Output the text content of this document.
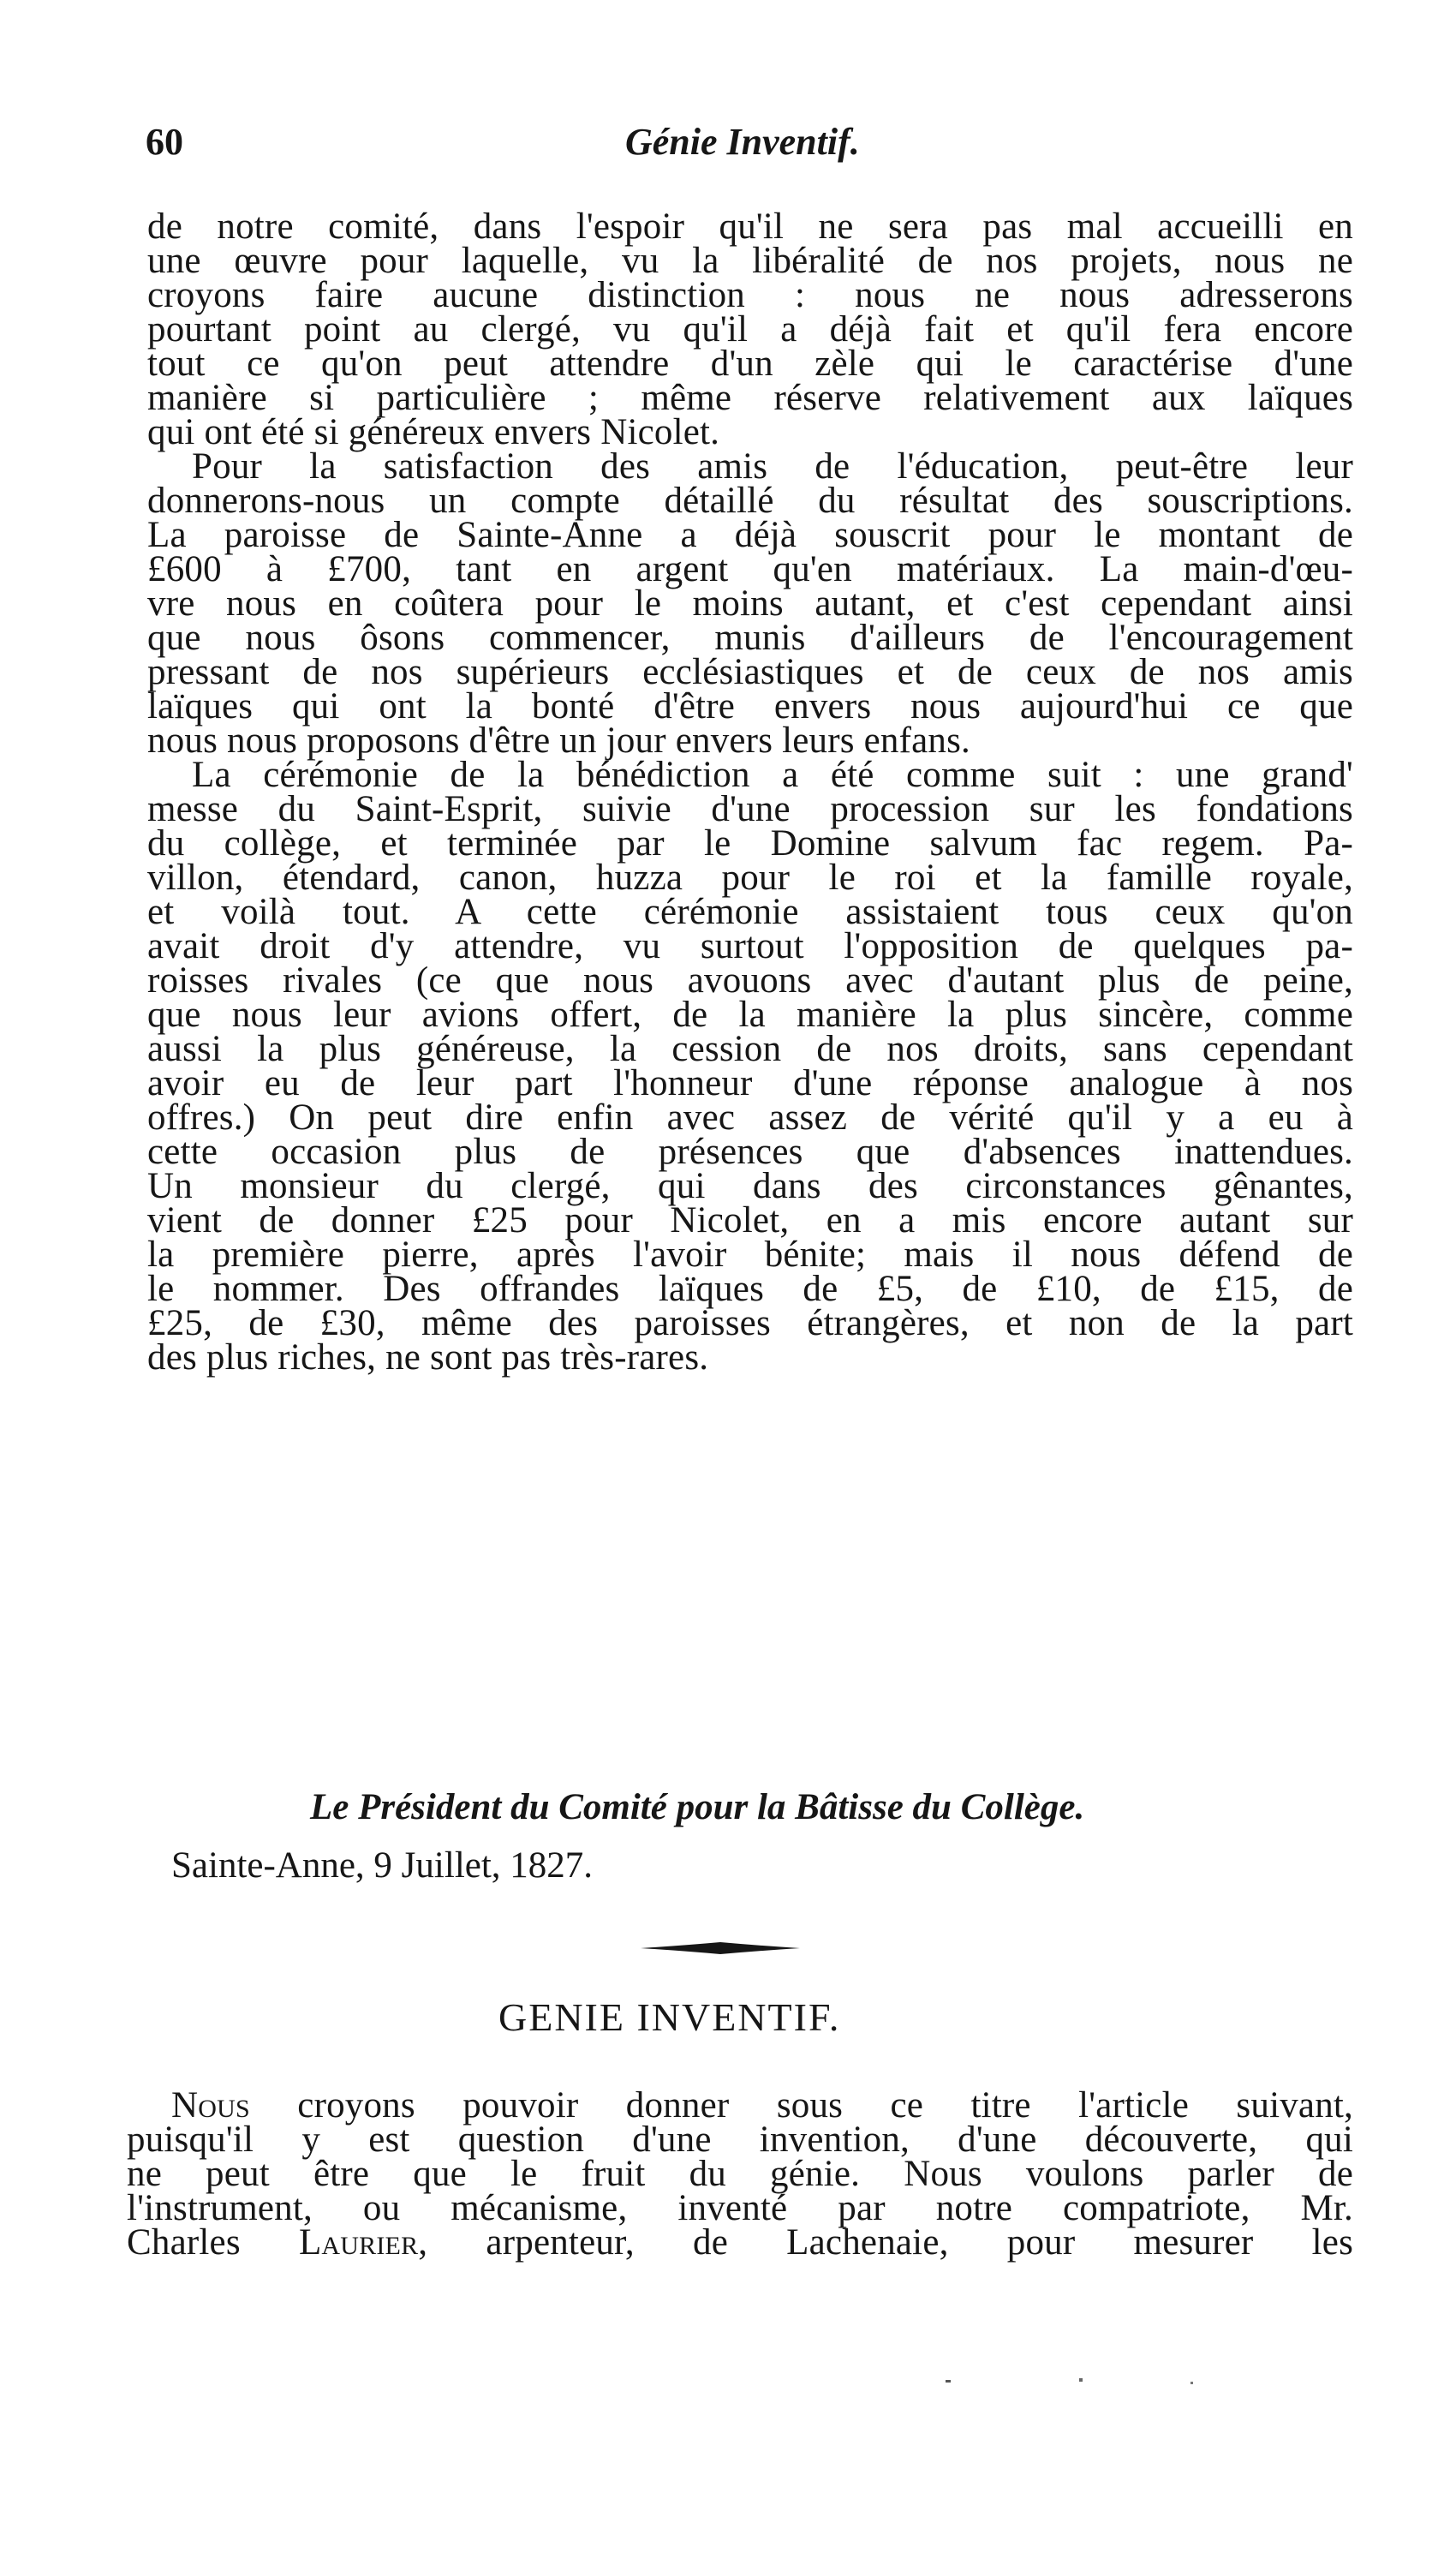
60	Génie Inventif.
de notre comité, dans l'espoir qu'il ne sera pas mal accueilli en
une œuvre pour laquelle, vu la libéralité de nos projets, nous ne
croyons faire aucune distinction : nous ne nous adresserons
pourtant point au clergé, vu qu'il a déjà fait et qu'il fera encore
tout ce qu'on peut attendre d'un zèle qui le caractérise d'une
manière si particulière ; même réserve relativement aux laïques
qui ont été si généreux envers Nicolet.
Pour la satisfaction des amis de l'éducation, peut-être leur
donnerons-nous un compte détaillé du résultat des souscriptions.
La paroisse de Sainte-Anne a déjà souscrit pour le montant de
£600 à £700, tant en argent qu'en matériaux. La main-d'œu-
vre nous en coûtera pour le moins autant, et c'est cependant ainsi
que nous ôsons commencer, munis d'ailleurs de l'encouragement
pressant de nos supérieurs ecclésiastiques et de ceux de nos amis
laïques qui ont la bonté d'être envers nous aujourd'hui ce que
nous nous proposons d'être un jour envers leurs enfans.
La cérémonie de la bénédiction a été comme suit : une grand'
messe du Saint-Esprit, suivie d'une procession sur les fondations
du collège, et terminée par le Domine salvum fac regem. Pa-
villon, étendard, canon, huzza pour le roi et la famille royale,
et voilà tout. A cette cérémonie assistaient tous ceux qu'on
avait droit d'y attendre, vu surtout l'opposition de quelques pa-
roisses rivales (ce que nous avouons avec d'autant plus de peine,
que nous leur avions offert, de la manière la plus sincère, comme
aussi la plus généreuse, la cession de nos droits, sans cependant
avoir eu de leur part l'honneur d'une réponse analogue à nos
offres.) On peut dire enfin avec assez de vérité qu'il y a eu à
cette occasion plus de présences que d'absences inattendues.
Un monsieur du clergé, qui dans des circonstances gênantes,
vient de donner £25 pour Nicolet, en a mis encore autant sur
la première pierre, après l'avoir bénite; mais il nous défend de
le nommer. Des offrandes laïques de £5, de £10, de £15, de
£25, de £30, même des paroisses étrangères, et non de la part
des plus riches, ne sont pas très-rares.
Le Président du Comité pour la Bâtisse du Collège.
Sainte-Anne, 9 Juillet, 1827.
GENIE INVENTIF.
Nous croyons pouvoir donner sous ce titre l'article suivant,
puisqu'il y est question d'une invention, d'une découverte, qui
ne peut être que le fruit du génie. Nous voulons parler de
l'instrument, ou mécanisme, inventé par notre compatriote, Mr.
Charles Laurier, arpenteur, de Lachenaie, pour mesurer les
